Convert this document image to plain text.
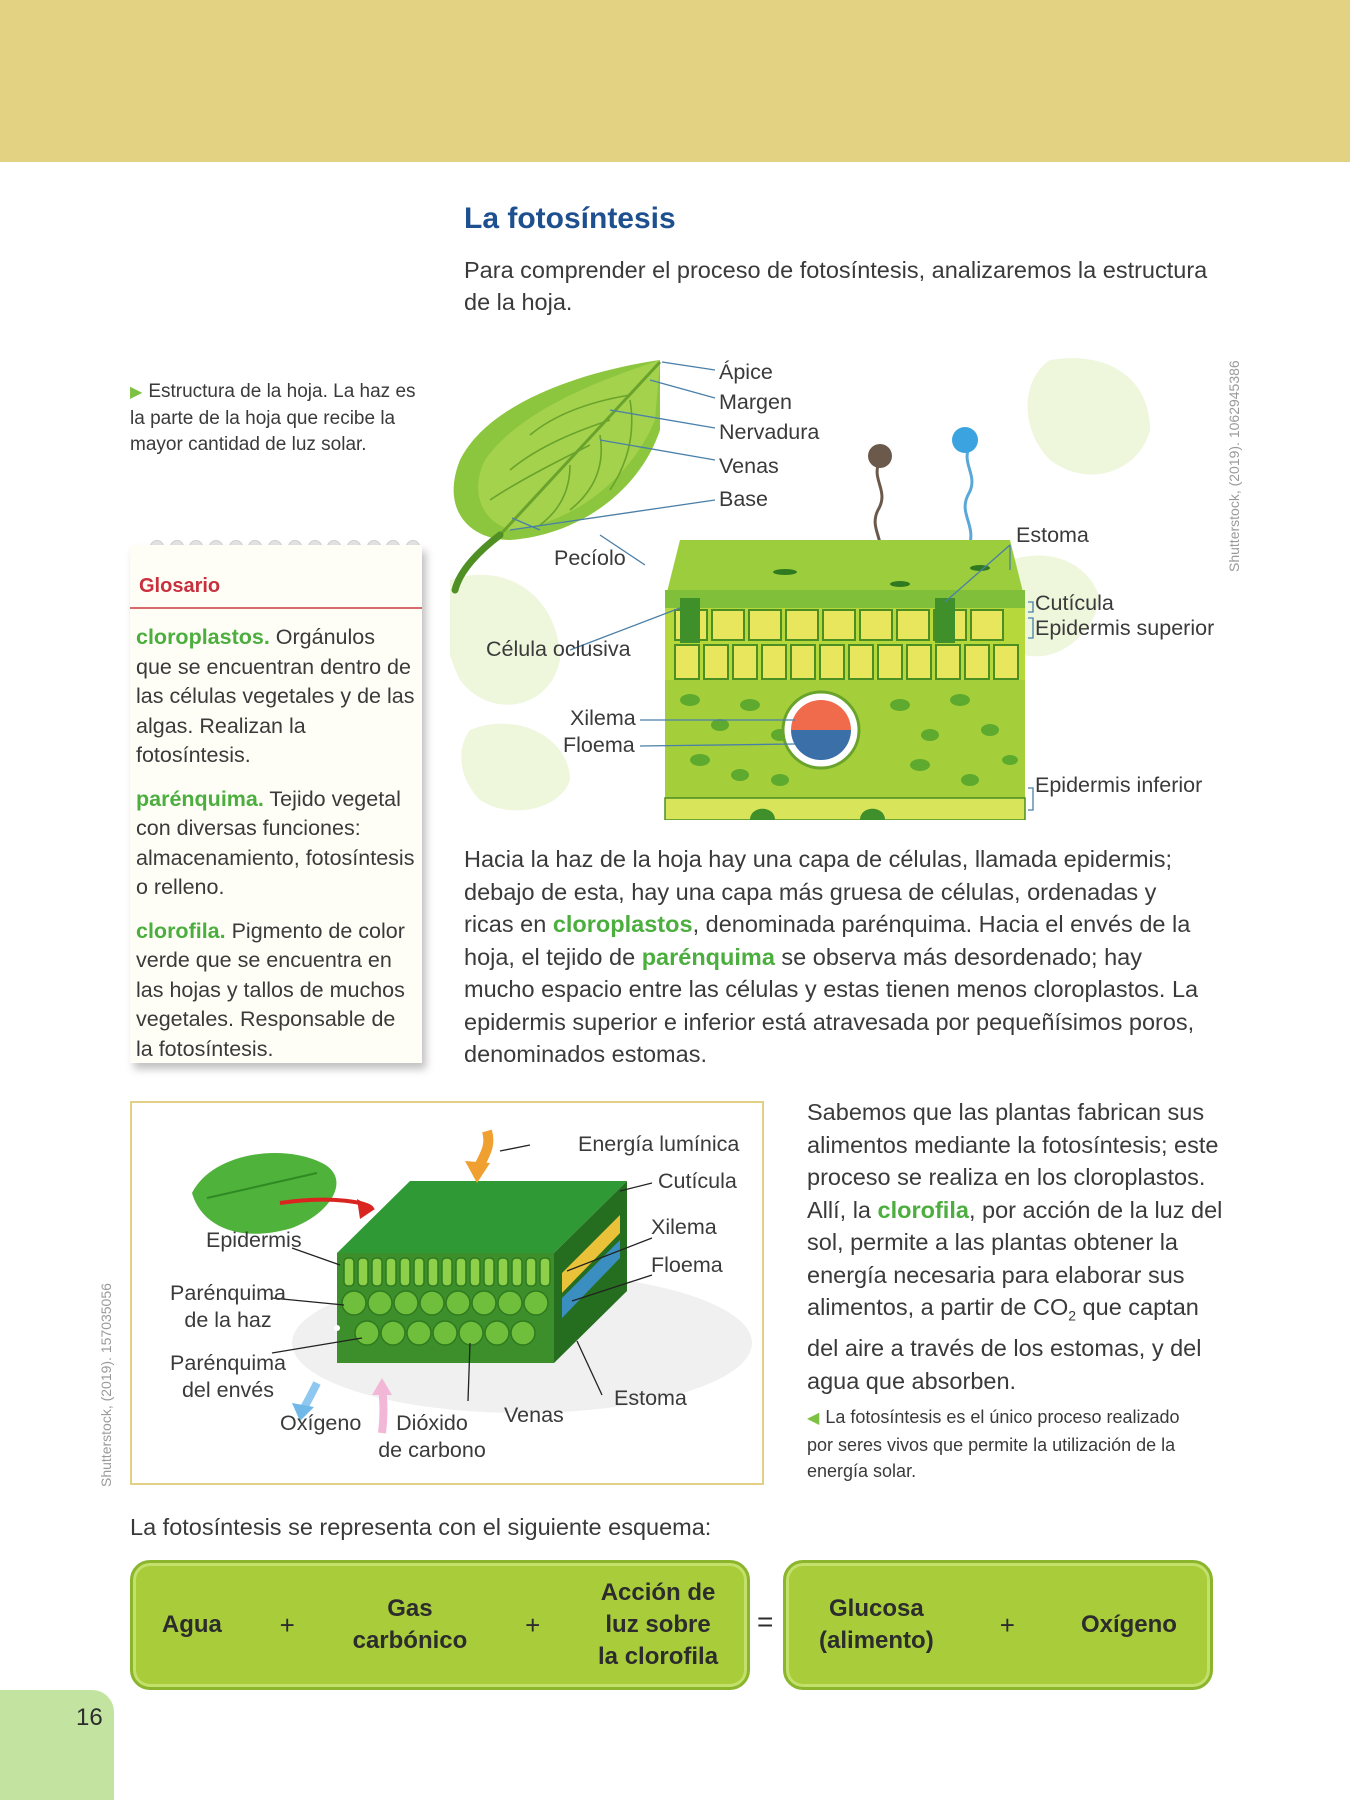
La fotosíntesis
Para comprender el proceso de fotosíntesis, analizaremos la estructura de la hoja.
Shutterstock, (2019). 1062945386
Shutterstock, (2019). 157035056
▶ Estructura de la hoja. La haz es la parte de la hoja que recibe la mayor cantidad de luz solar.
Ápice
Margen
Nervadura
Venas
Base
Pecíolo
Estoma
Cutícula
Epidermis superior
Célula oclusiva
Xilema
Floema
Epidermis inferior
Glosario
cloroplastos. Orgánulos que se encuentran dentro de las células vegetales y de las algas. Realizan la fotosíntesis.
parénquima. Tejido vegetal con diversas funciones: almacenamiento, fotosíntesis o relleno.
clorofila. Pigmento de color verde que se encuentra en las hojas y tallos de muchos vegetales. Responsable de la fotosíntesis.
Hacia la haz de la hoja hay una capa de células, llamada epidermis; debajo de esta, hay una capa más gruesa de células, ordenadas y ricas en cloroplastos, denominada parénquima. Hacia el envés de la hoja, el tejido de parénquima se observa más desordenado; hay mucho espacio entre las células y estas tienen menos cloroplastos. La epidermis superior e inferior está atravesada por pequeñísimos poros, denominados estomas.
Energía lumínica
Cutícula
Xilema
Floema
Epidermis
Parénquima
de la haz
Parénquima
del envés	Estoma
Venas
Oxígeno	Dióxido
de carbono
Sabemos que las plantas fabrican sus alimentos mediante la fotosíntesis; este proceso se realiza en los cloroplastos. Allí, la clorofila, por acción de la luz del sol, permite a las plantas obtener la energía necesaria para elaborar sus alimentos, a partir de $CO_2$ que captan del aire a través de los estomas, y del agua que absorben.
◀ La fotosíntesis es el único proceso realizado por seres vivos que permite la utilización de la energía solar.
La fotosíntesis se representa con el siguiente esquema:
Agua +
Gas
carbónico
+
Acción de
luz sobre
la clorofila
=	Glucosa
(alimento)
+	Oxígeno
16
